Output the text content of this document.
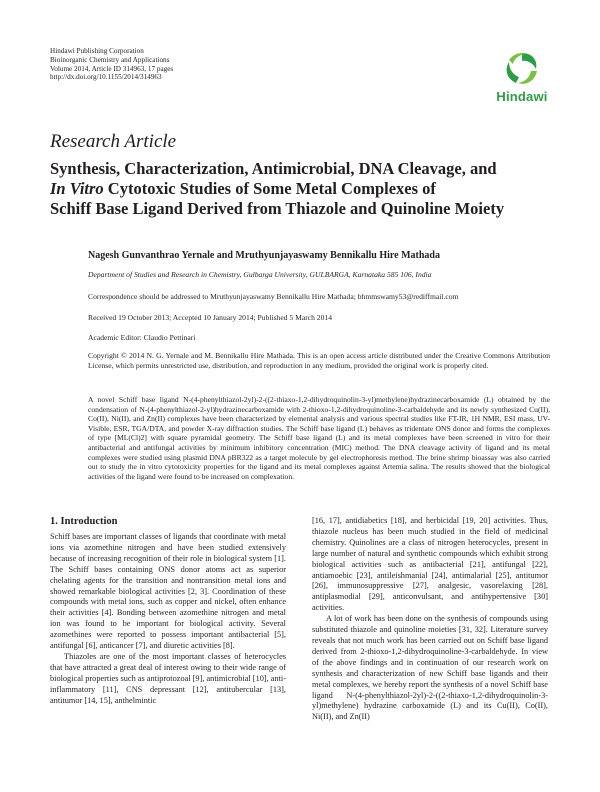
Hindawi Publishing Corporation
Bioinorganic Chemistry and Applications
Volume 2014, Article ID 314963, 17 pages
http://dx.doi.org/10.1155/2014/314963
Hindawi
Research Article
Synthesis, Characterization, Antimicrobial, DNA Cleavage, and
In Vitro Cytotoxic Studies of Some Metal Complexes of
Schiff Base Ligand Derived from Thiazole and Quinoline Moiety
Nagesh Gunvanthrao Yernale and Mruthyunjayaswamy Bennikallu Hire Mathada
Department of Studies and Research in Chemistry, Gulbarga University, GULBARGA, Karnataka 585 106, India
Correspondence should be addressed to Mruthyunjayaswamy Bennikallu Hire Mathada; bhmmswamy53@rediffmail.com
Received 19 October 2013; Accepted 10 January 2014; Published 5 March 2014
Academic Editor: Claudio Pettinari
Copyright © 2014 N. G. Yernale and M. Bennikallu Hire Mathada. This is an open access article distributed under the Creative Commons Attribution License, which permits unrestricted use, distribution, and reproduction in any medium, provided the original work is properly cited.
A novel Schiff base ligand N-(4-phenylthiazol-2yl)-2-((2-thiaxo-1,2-dihydroquinolin-3-yl)methylene)hydrazinecarboxamide (L) obtained by the condensation of N-(4-phenylthiazol-2-yl)hydrazinecarboxamide with 2-thioxo-1,2-dihydroquinoline-3-carbaldehyde and its newly synthesized Cu(II), Co(II), Ni(II), and Zn(II) complexes have been characterized by elemental analysis and various spectral studies like FT-IR, 1H NMR, ESI mass, UV-Visible, ESR, TGA/DTA, and powder X-ray diffraction studies. The Schiff base ligand (L) behaves as tridentate ONS donor and forms the complexes of type [ML(Cl)2] with square pyramidal geometry. The Schiff base ligand (L) and its metal complexes have been screened in vitro for their antibacterial and antifungal activities by minimum inhibitory concentration (MIC) method. The DNA cleavage activity of ligand and its metal complexes were studied using plasmid DNA pBR322 as a target molecule by gel electrophoresis method. The brine shrimp bioassay was also carried out to study the in vitro cytotoxicity properties for the ligand and its metal complexes against Artemia salina. The results showed that the biological activities of the ligand were found to be increased on complexation.
1. Introduction

Schiff bases are important classes of ligands that coordinate with metal ions via azomethine nitrogen and have been studied extensively because of increasing recognition of their role in biological system [1]. The Schiff bases containing ONS donor atoms act as superior chelating agents for the transition and nontransition metal ions and showed remarkable biological activities [2, 3]. Coordination of these compounds with metal ions, such as copper and nickel, often enhance their activities [4]. Bonding between azomethine nitrogen and metal ion was found to be important for biological activity. Several azomethines were reported to possess important antibacterial [5], antifungal [6], anticancer [7], and diuretic activities [8].

Thiazoles are one of the most important classes of heterocycles that have attracted a great deal of interest owing to their wide range of biological properties such as antiprotozoal [9], antimicrobial [10], anti-inflammatory [11], CNS depressant [12], antitubercular [13], antitumor [14, 15], anthelmintic

[16, 17], antidiabetics [18], and herbicidal [19, 20] activities. Thus, thiazole nucleus has been much studied in the field of medicinal chemistry. Quinolines are a class of nitrogen heterocycles, present in large number of natural and synthetic compounds which exhibit strong biological activities such as antibacterial [21], antifungal [22], antiamoebic [23], antileishmanial [24], antimalarial [25], antitumor [26], immunosuppressive [27], analgesic, vasorelaxing [28], antiplasmodial [29], anticonvulsant, and antihypertensive [30] activities.

A lot of work has been done on the synthesis of compounds using substituted thiazole and quinoline moieties [31, 32]. Literature survey reveals that not much work has been carried out on Schiff base ligand derived from 2-thioxo-1,2-dihydroquinoline-3-carbaldehyde. In view of the above findings and in continuation of our research work on synthesis and characterization of new Schiff base ligands and their metal complexes, we hereby report the synthesis of a novel Schiff base ligand N-(4-phenylthiazol-2yl)-2-((2-thiaxo-1,2-dihydroquinolin-3-yl)methylene) hydrazine carboxamide (L) and its Cu(II), Co(II), Ni(II), and Zn(II)
